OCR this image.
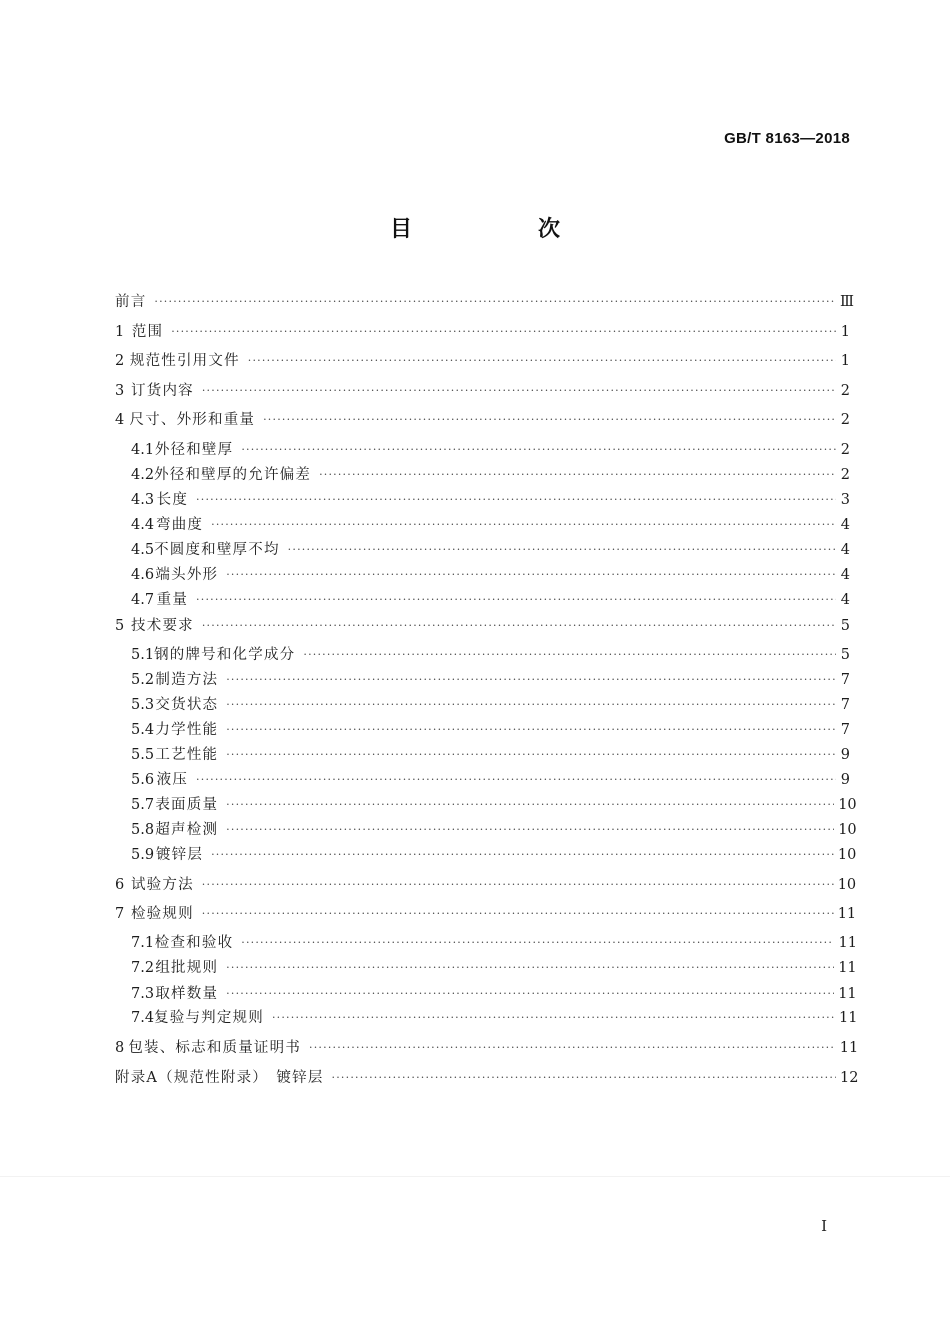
GB/T 8163—2018
目　次
前言 ·····	Ⅲ
1 范围 ·····	1
2 规范性引用文件 ·····	1
3 订货内容 ·····	2
4 尺寸、外形和重量 ·····	2
4.1 外径和壁厚 ·····	2
4.2 外径和壁厚的允许偏差 ·····	2
4.3 长度 ·····	3
4.4 弯曲度 ·····	4
4.5 不圆度和壁厚不均 ·····	4
4.6 端头外形 ·····	4
4.7 重量 ·····	4
5 技术要求 ·····	5
5.1 钢的牌号和化学成分 ·····	5
5.2 制造方法 ·····	7
5.3 交货状态 ·····	7
5.4 力学性能 ·····	7
5.5 工艺性能 ·····	9
5.6 液压 ·····	9
5.7 表面质量 ·····	10
5.8 超声检测 ·····	10
5.9 镀锌层 ·····	10
6 试验方法 ·····	10
7 检验规则 ·····	11
7.1 检查和验收 ·····	11
7.2 组批规则 ·····	11
7.3 取样数量 ·····	11
7.4 复验与判定规则 ·····	11
8 包装、标志和质量证明书 ·····	11
附录A（规范性附录）　镀锌层 ·····	12
I
